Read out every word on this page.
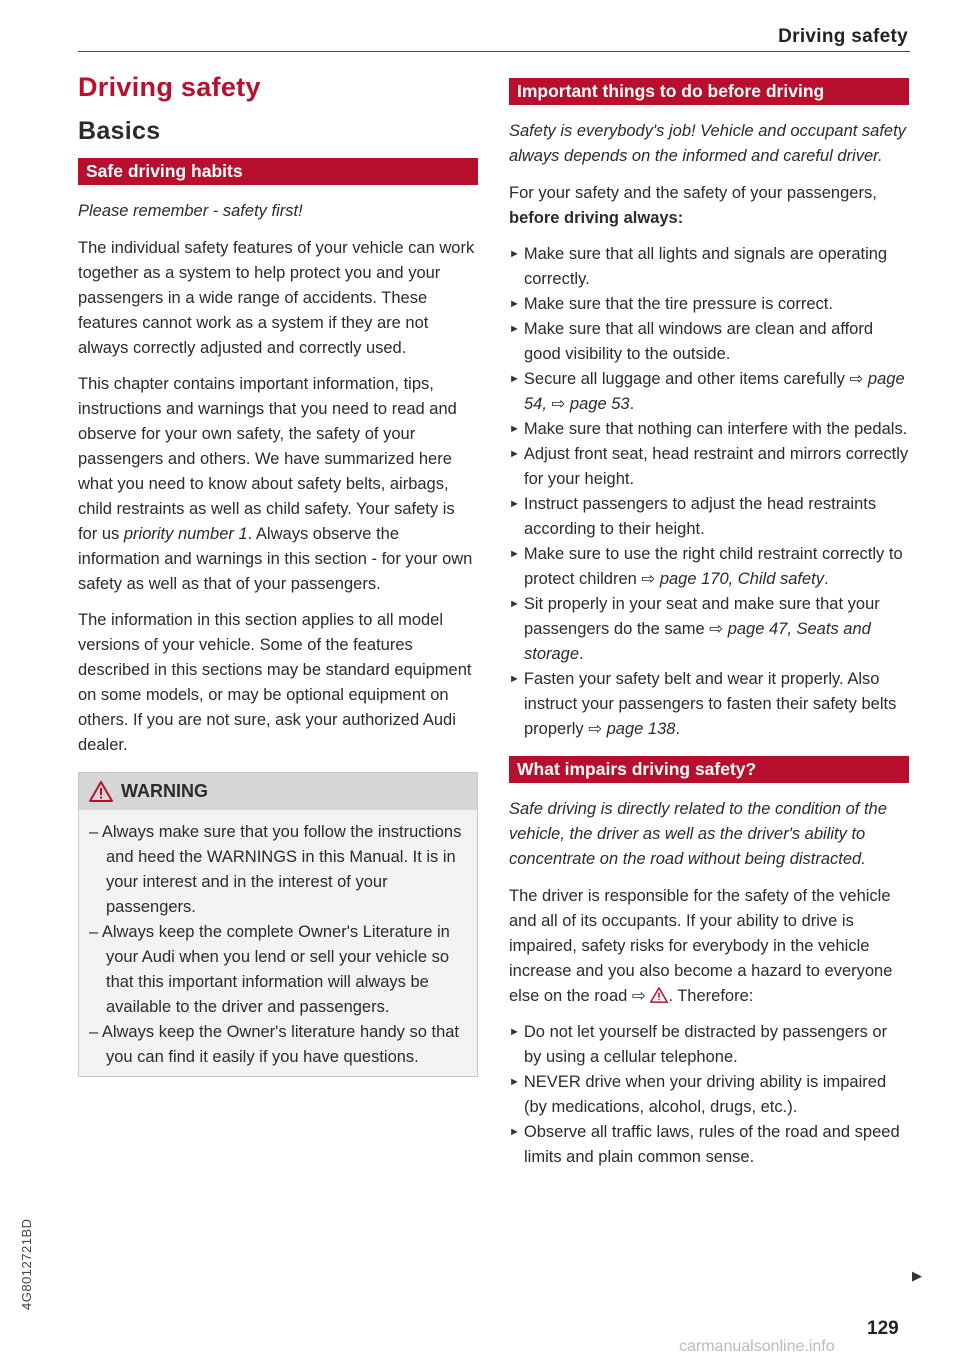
Driving safety
Driving safety
Basics
Safe driving habits
Please remember - safety first!

The individual safety features of your vehicle can work together as a system to help protect you and your passengers in a wide range of accidents. These features cannot work as a system if they are not always correctly adjusted and correctly used.

This chapter contains important information, tips, instructions and warnings that you need to read and observe for your own safety, the safety of your passengers and others. We have summarized here what you need to know about safety belts, airbags, child restraints as well as child safety. Your safety is for us priority number 1. Always observe the information and warnings in this section - for your own safety as well as that of your passengers.

The information in this section applies to all model versions of your vehicle. Some of the features described in this sections may be standard equipment on some models, or may be optional equipment on others. If you are not sure, ask your authorized Audi dealer.

WARNING
– Always make sure that you follow the instructions and heed the WARNINGS in this Manual. It is in your interest and in the interest of your passengers.
– Always keep the complete Owner's Literature in your Audi when you lend or sell your vehicle so that this important information will always be available to the driver and passengers.
– Always keep the Owner's literature handy so that you can find it easily if you have questions.
Important things to do before driving
Safety is everybody's job! Vehicle and occupant safety always depends on the informed and careful driver.

For your safety and the safety of your passengers, before driving always:

► Make sure that all lights and signals are operating correctly.
► Make sure that the tire pressure is correct.
► Make sure that all windows are clean and afford good visibility to the outside.
► Secure all luggage and other items carefully ⇨ page 54, ⇨ page 53.
► Make sure that nothing can interfere with the pedals.
► Adjust front seat, head restraint and mirrors correctly for your height.
► Instruct passengers to adjust the head restraints according to their height.
► Make sure to use the right child restraint correctly to protect children ⇨ page 170, Child safety.
► Sit properly in your seat and make sure that your passengers do the same ⇨ page 47, Seats and storage.
► Fasten your safety belt and wear it properly. Also instruct your passengers to fasten their safety belts properly ⇨ page 138.
What impairs driving safety?
Safe driving is directly related to the condition of the vehicle, the driver as well as the driver's ability to concentrate on the road without being distracted.

The driver is responsible for the safety of the vehicle and all of its occupants. If your ability to drive is impaired, safety risks for everybody in the vehicle increase and you also become a hazard to everyone else on the road ⇨ . Therefore:

► Do not let yourself be distracted by passengers or by using a cellular telephone.
► NEVER drive when your driving ability is impaired (by medications, alcohol, drugs, etc.).
► Observe all traffic laws, rules of the road and speed limits and plain common sense.
▶
129
4G8012721BD
carmanualsonline.info
